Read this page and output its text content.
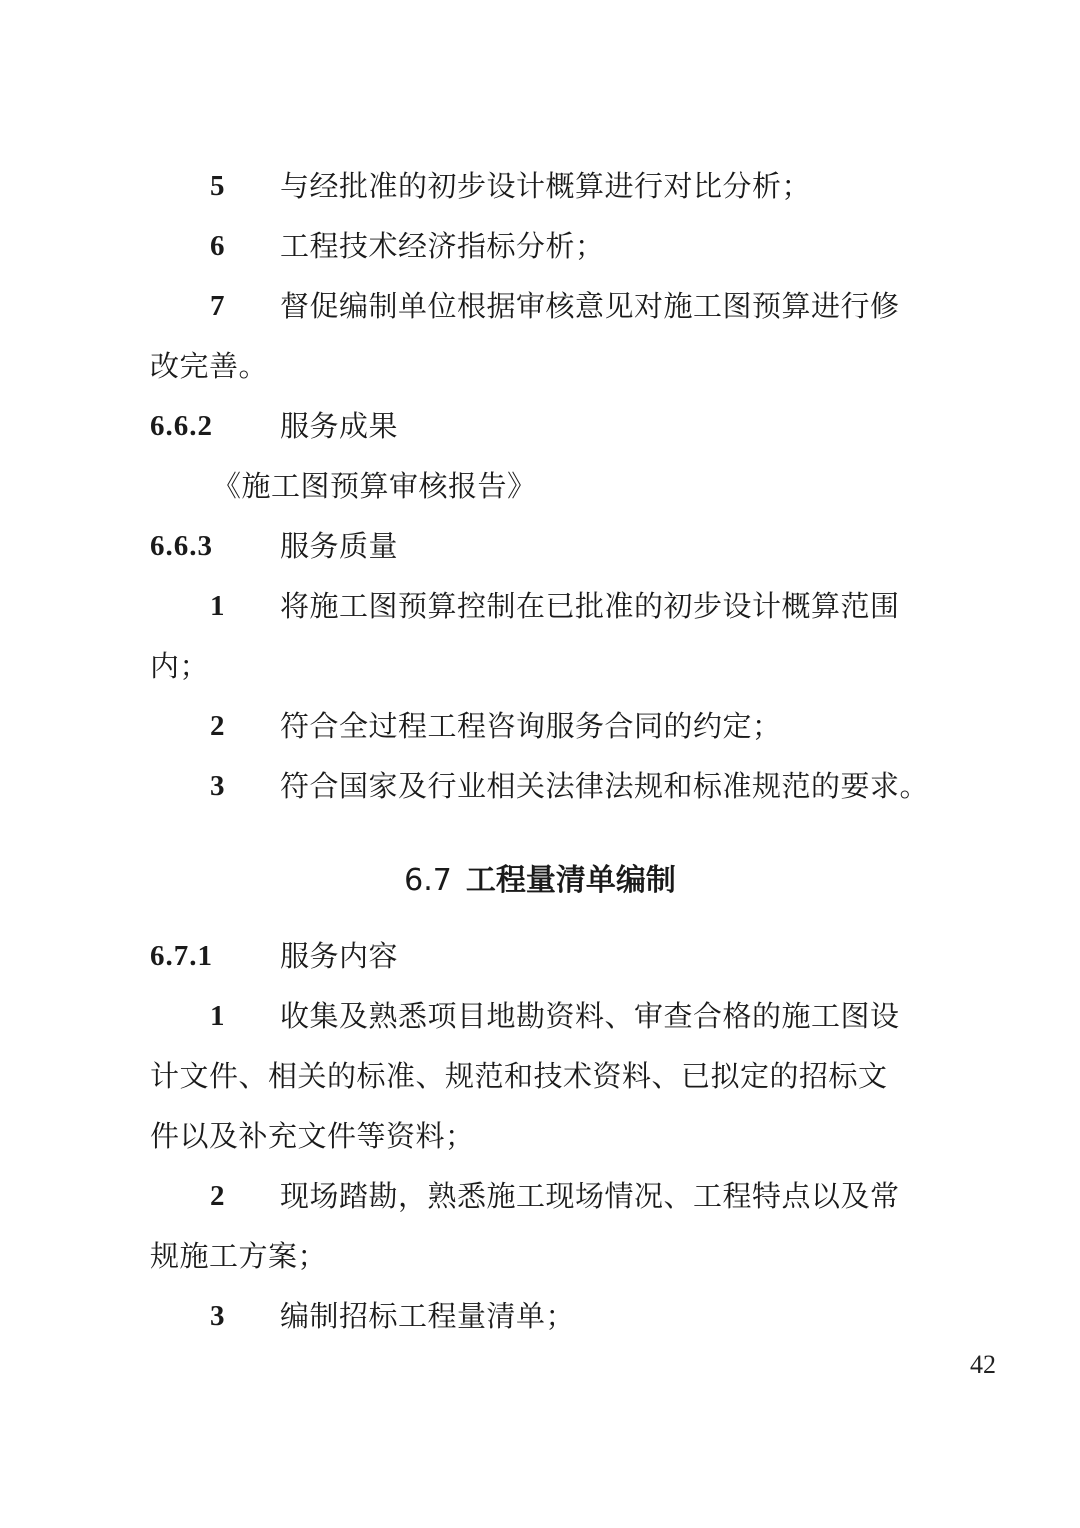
5 与经批准的初步设计概算进行对比分析；
6 工程技术经济指标分析；
7 督促编制单位根据审核意见对施工图预算进行修
改完善。
6.6.2 服务成果
《施工图预算审核报告》
6.6.3 服务质量
1 将施工图预算控制在已批准的初步设计概算范围
内；
2 符合全过程工程咨询服务合同的约定；
3 符合国家及行业相关法律法规和标准规范的要求。
6.7 工程量清单编制
6.7.1 服务内容
1 收集及熟悉项目地勘资料、审查合格的施工图设
计文件、相关的标准、规范和技术资料、已拟定的招标文
件以及补充文件等资料；
2 现场踏勘，熟悉施工现场情况、工程特点以及常
规施工方案；
3 编制招标工程量清单；
42
